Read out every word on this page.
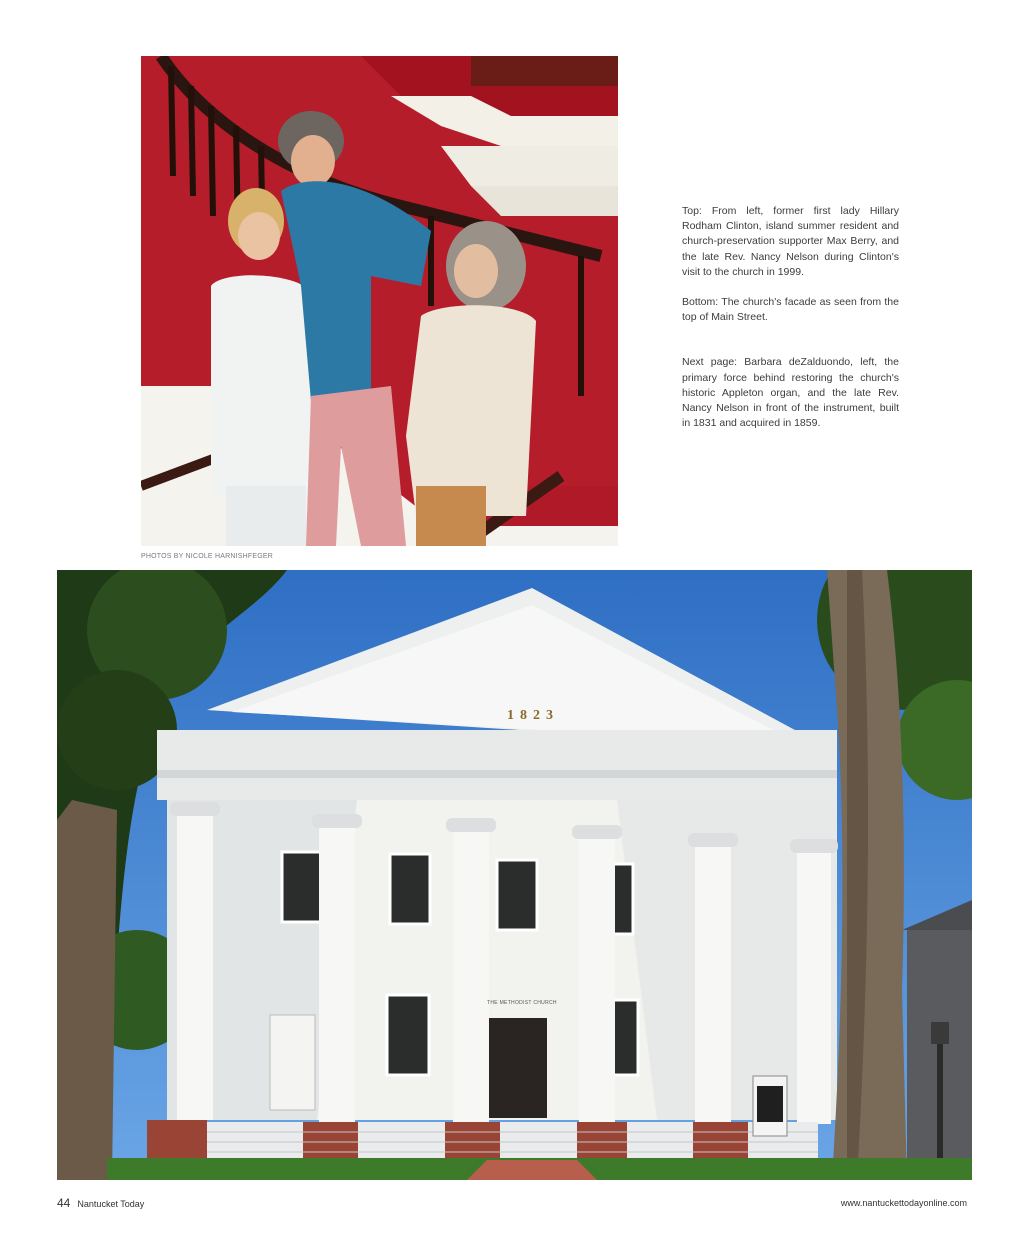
PHOTOS BY NICOLE HARNISHFEGER

Top: From left, former first lady Hillary Rodham Clinton, island summer resident and church-preservation supporter Max Berry, and the late Rev. Nancy Nelson during Clinton's visit to the church in 1999.

Bottom: The church's facade as seen from the top of Main Street.

Next page: Barbara deZalduondo, left, the primary force behind restoring the church's historic Appleton organ, and the late Rev. Nancy Nelson in front of the instrument, built in 1831 and acquired in 1859.

1823
THE METHODIST CHURCH
44 Nantucket Today	www.nantuckettodayonline.com
